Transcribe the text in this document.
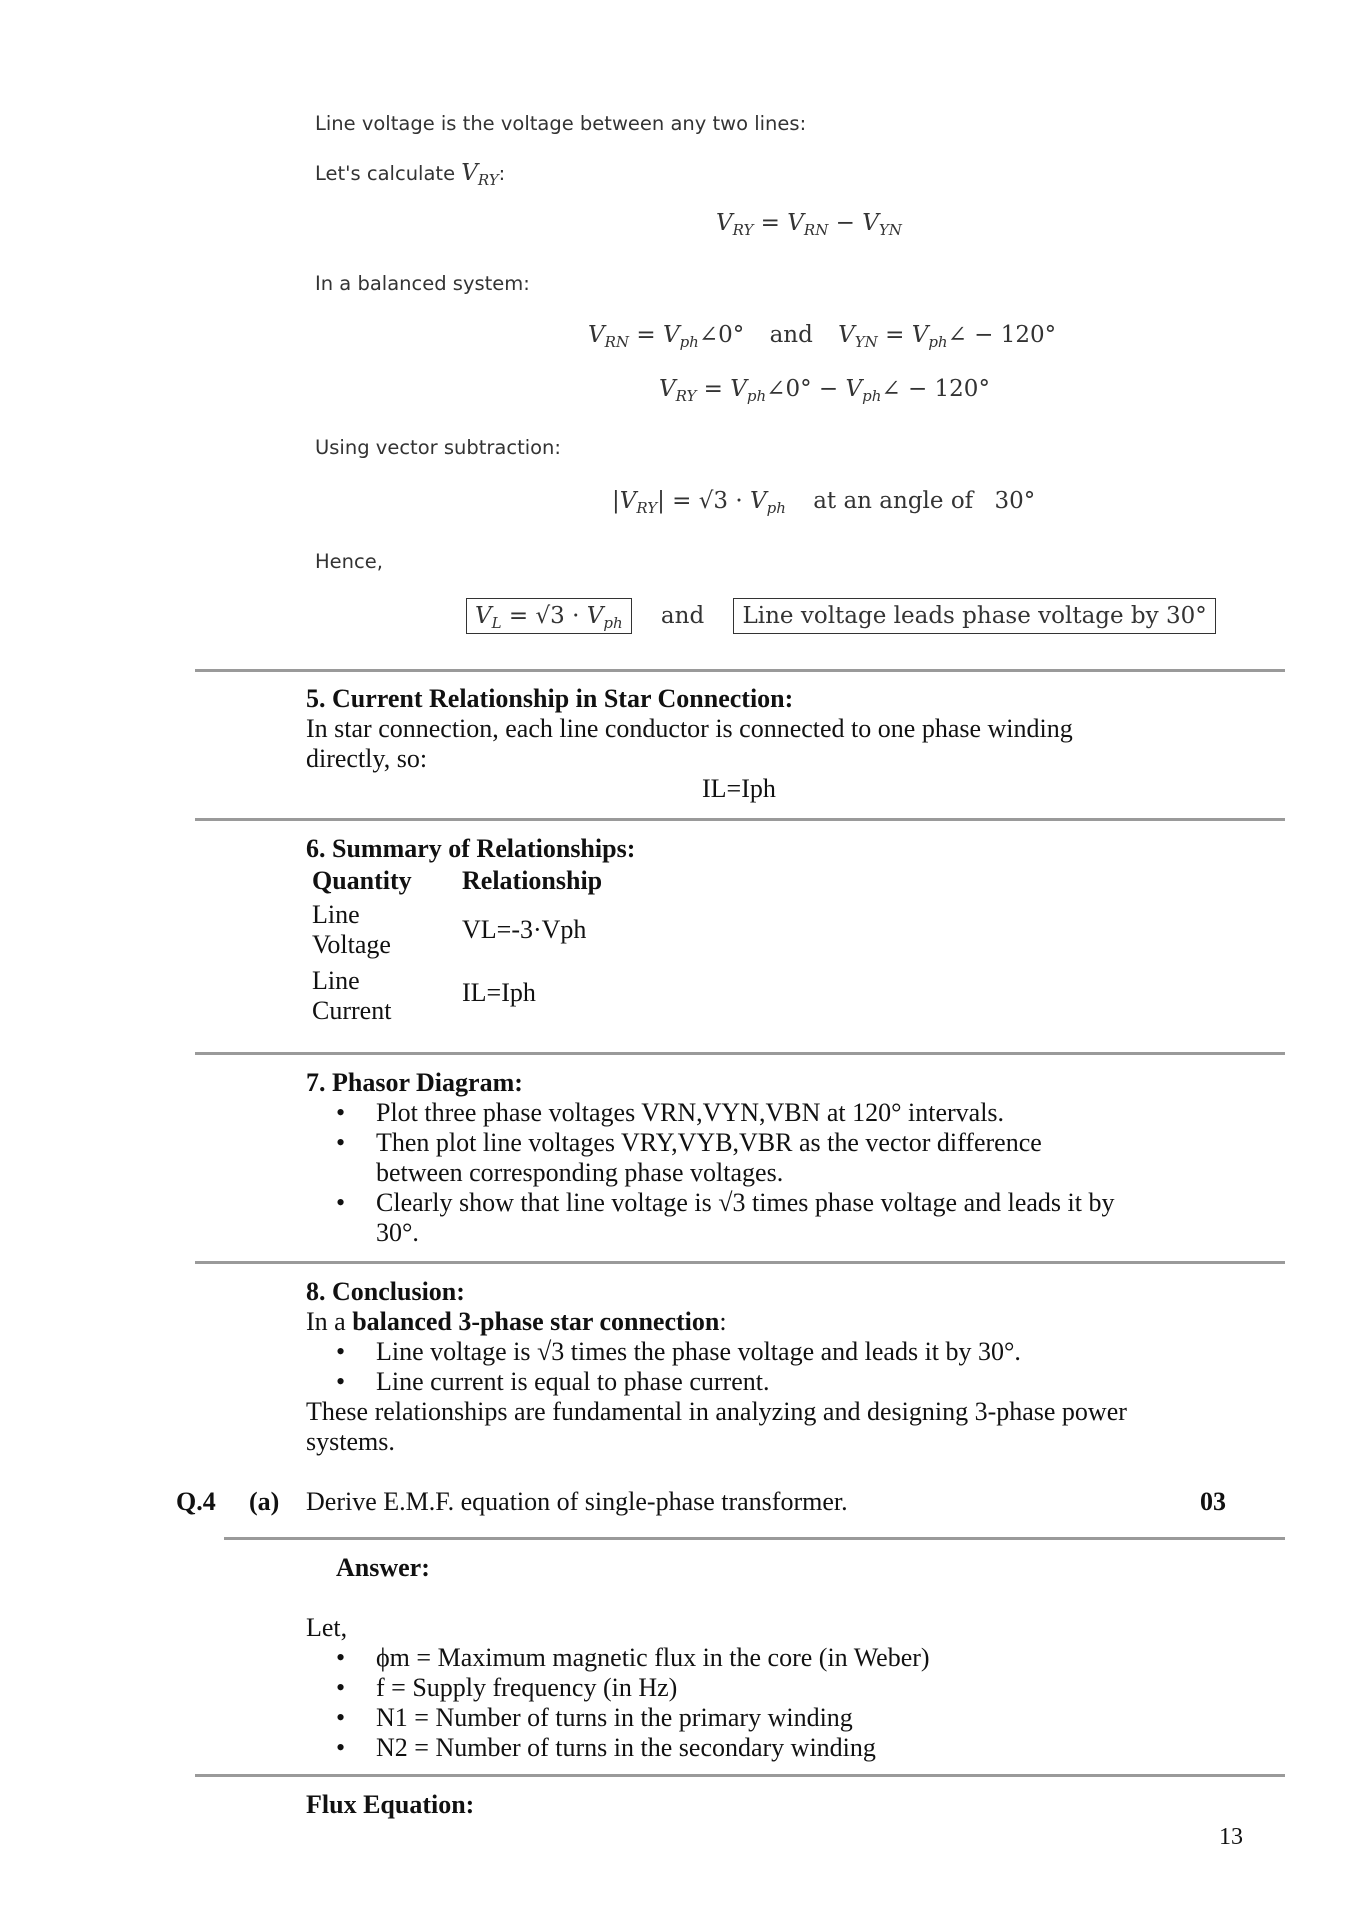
Line voltage is the voltage between any two lines:
Let's calculate $V_{RY}$:
$V_{RY} = V_{RN} - V_{YN}$
In a balanced system:
$V_{RN}$ = $V_{ph}\angle 0^\circ$ and $V_{YN}$ = $V_{ph}\angle - 120^\circ$
$V_{RY}$ = $V_{ph}\angle 0^\circ$ − $V_{ph}\angle - 120^\circ$
Using vector subtraction:
$|V_{RY}| = √3 \cdot V_{ph}$ at an angle of 30°
Hence,
$V_L = √3 \cdot V_{ph}$ and Line voltage leads phase voltage by 30°
5. Current Relationship in Star Connection:
In star connection, each line conductor is connected to one phase winding
directly, so:
IL=Iph
6. Summary of Relationships:
Quantity	Relationship
Line
Voltage	VL=-3·Vph
Line
Current	IL=Iph
7. Phasor Diagram:
• Plot three phase voltages VRN,VYN,VBN at 120° intervals.
• Then plot line voltages VRY,VYB,VBR as the vector difference
between corresponding phase voltages.
• Clearly show that line voltage is √3 times phase voltage and leads it by
30°.
8. Conclusion:
In a balanced 3-phase star connection:
• Line voltage is √3 times the phase voltage and leads it by 30°.
• Line current is equal to phase current.
These relationships are fundamental in analyzing and designing 3-phase power
systems.
Q.4 (a) Derive E.M.F. equation of single-phase transformer.	03
Answer:
Let,
• ϕm = Maximum magnetic flux in the core (in Weber)
• f = Supply frequency (in Hz)
• N1 = Number of turns in the primary winding
• N2 = Number of turns in the secondary winding
Flux Equation:
13
